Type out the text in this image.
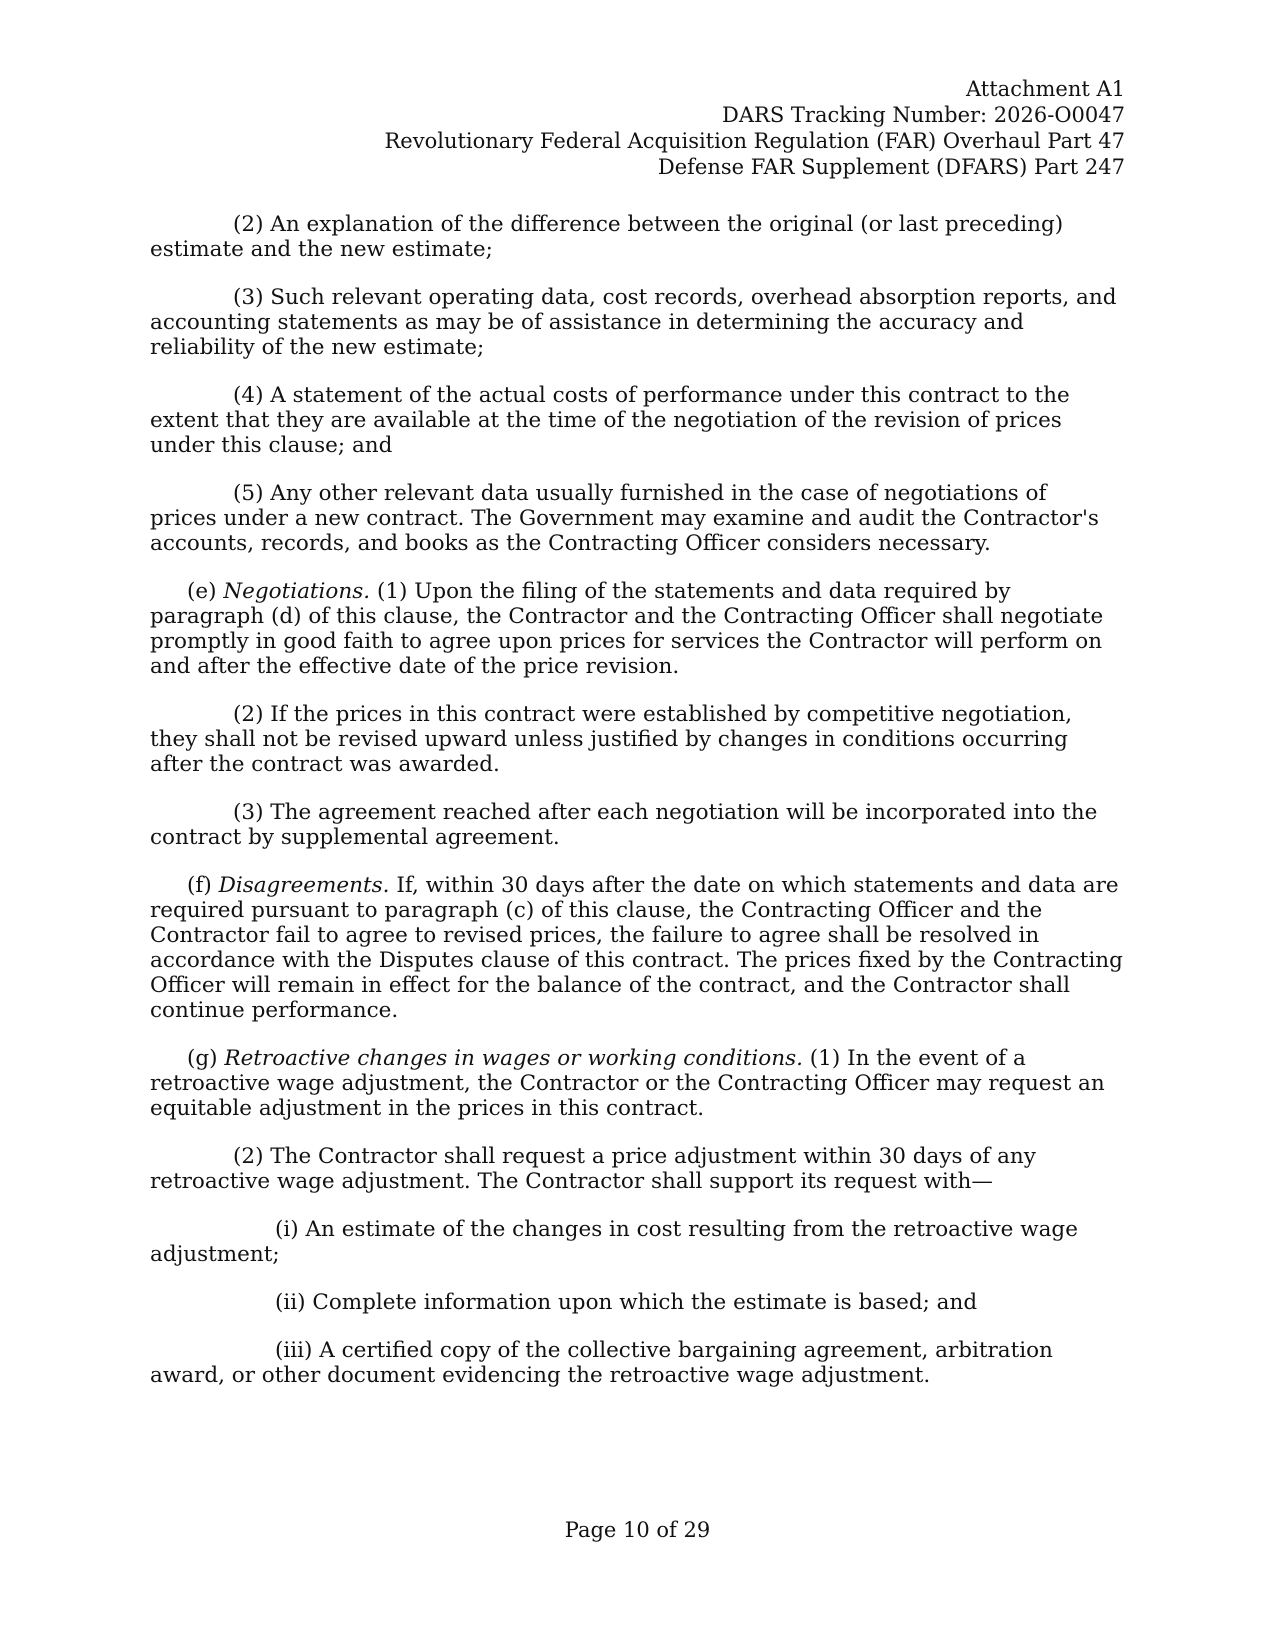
Attachment A1
DARS Tracking Number: 2026-O0047
Revolutionary Federal Acquisition Regulation (FAR) Overhaul Part 47
Defense FAR Supplement (DFARS) Part 247

(2) An explanation of the difference between the original (or last preceding)
estimate and the new estimate;

(3) Such relevant operating data, cost records, overhead absorption reports, and
accounting statements as may be of assistance in determining the accuracy and
reliability of the new estimate;

(4) A statement of the actual costs of performance under this contract to the
extent that they are available at the time of the negotiation of the revision of prices
under this clause; and

(5) Any other relevant data usually furnished in the case of negotiations of
prices under a new contract. The Government may examine and audit the Contractor's
accounts, records, and books as the Contracting Officer considers necessary.

(e) Negotiations. (1) Upon the filing of the statements and data required by
paragraph (d) of this clause, the Contractor and the Contracting Officer shall negotiate
promptly in good faith to agree upon prices for services the Contractor will perform on
and after the effective date of the price revision.

(2) If the prices in this contract were established by competitive negotiation,
they shall not be revised upward unless justified by changes in conditions occurring
after the contract was awarded.

(3) The agreement reached after each negotiation will be incorporated into the
contract by supplemental agreement.

(f) Disagreements. If, within 30 days after the date on which statements and data are
required pursuant to paragraph (c) of this clause, the Contracting Officer and the
Contractor fail to agree to revised prices, the failure to agree shall be resolved in
accordance with the Disputes clause of this contract. The prices fixed by the Contracting
Officer will remain in effect for the balance of the contract, and the Contractor shall
continue performance.

(g) Retroactive changes in wages or working conditions. (1) In the event of a
retroactive wage adjustment, the Contractor or the Contracting Officer may request an
equitable adjustment in the prices in this contract.

(2) The Contractor shall request a price adjustment within 30 days of any
retroactive wage adjustment. The Contractor shall support its request with—

(i) An estimate of the changes in cost resulting from the retroactive wage
adjustment;

(ii) Complete information upon which the estimate is based; and

(iii) A certified copy of the collective bargaining agreement, arbitration
award, or other document evidencing the retroactive wage adjustment.

Page 10 of 29
